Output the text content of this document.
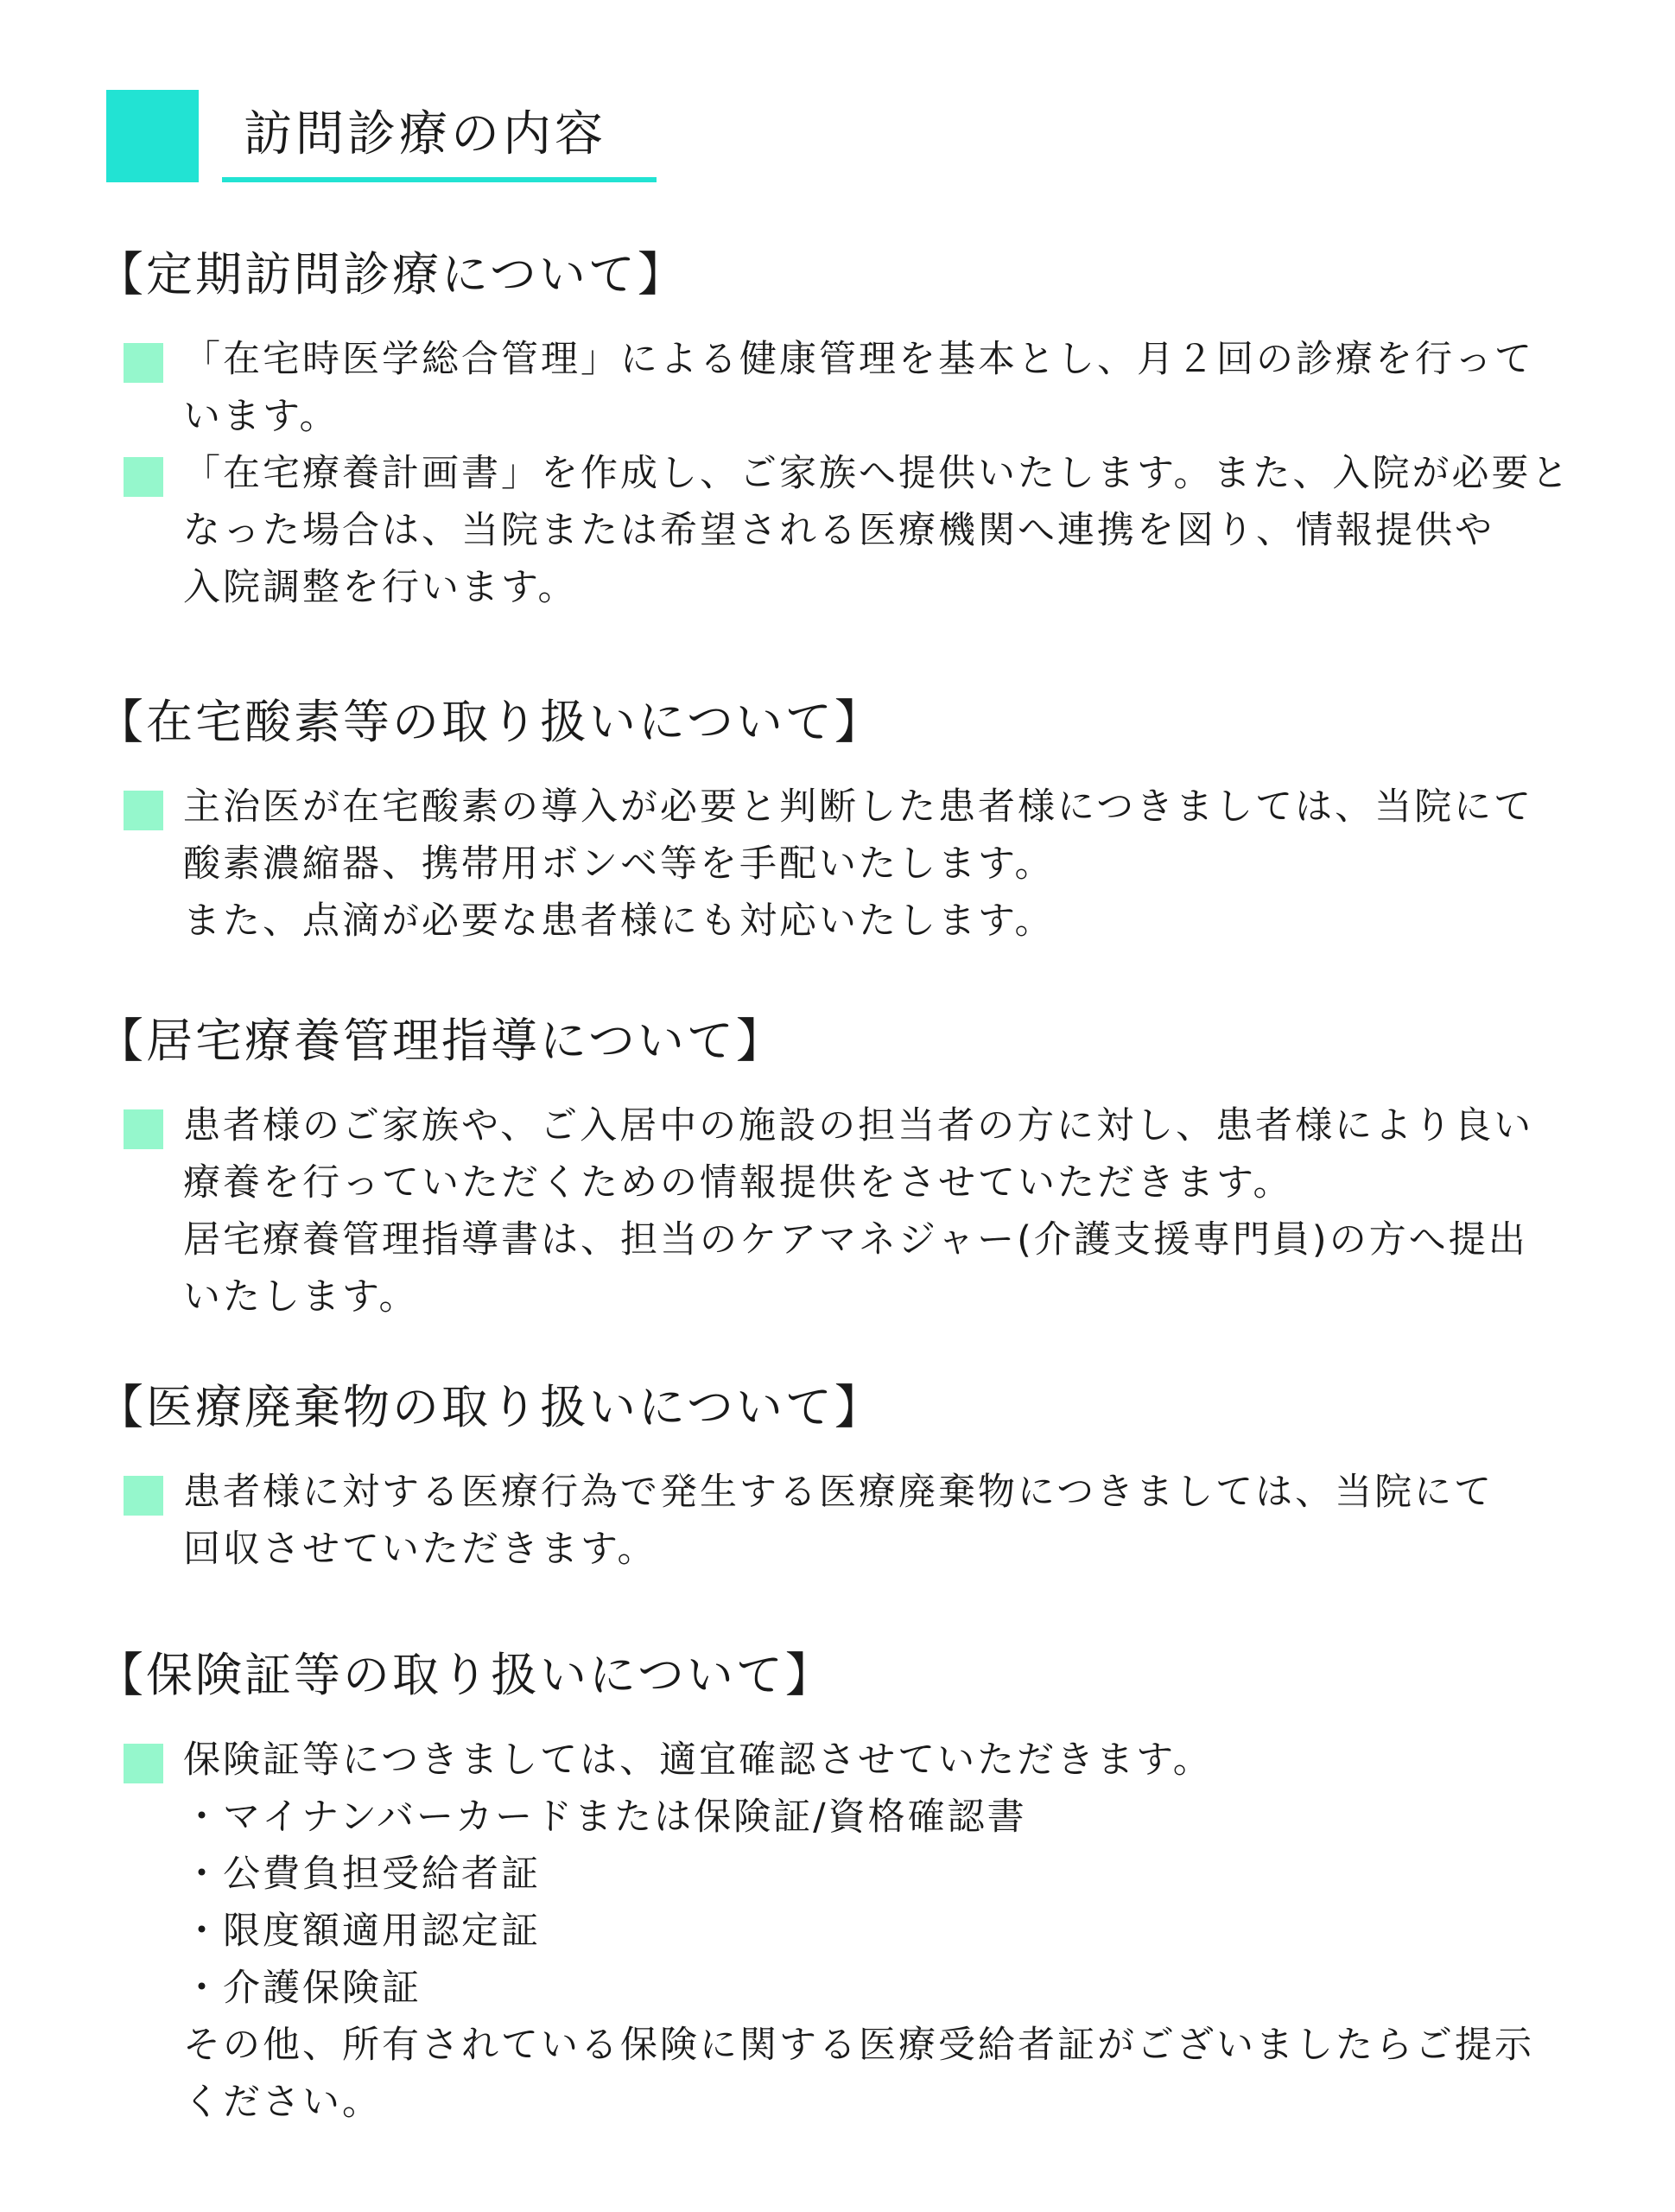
訪問診療の内容
【定期訪問診療について】
「在宅時医学総合管理」による健康管理を基本とし、月２回の診療を行って
います。
「在宅療養計画書」を作成し、ご家族へ提供いたします。また、入院が必要と
なった場合は、当院または希望される医療機関へ連携を図り、情報提供や
入院調整を行います。
【在宅酸素等の取り扱いについて】
主治医が在宅酸素の導入が必要と判断した患者様につきましては、当院にて
酸素濃縮器、携帯用ボンベ等を手配いたします。
また、点滴が必要な患者様にも対応いたします。
【居宅療養管理指導について】
患者様のご家族や、ご入居中の施設の担当者の方に対し、患者様により良い
療養を行っていただくための情報提供をさせていただきます。
居宅療養管理指導書は、担当のケアマネジャー(介護支援専門員)の方へ提出
いたします。
【医療廃棄物の取り扱いについて】
患者様に対する医療行為で発生する医療廃棄物につきましては、当院にて
回収させていただきます。
【保険証等の取り扱いについて】
保険証等につきましては、適宜確認させていただきます。
・マイナンバーカードまたは保険証/資格確認書
・公費負担受給者証
・限度額適用認定証
・介護保険証
その他、所有されている保険に関する医療受給者証がございましたらご提示
ください。
